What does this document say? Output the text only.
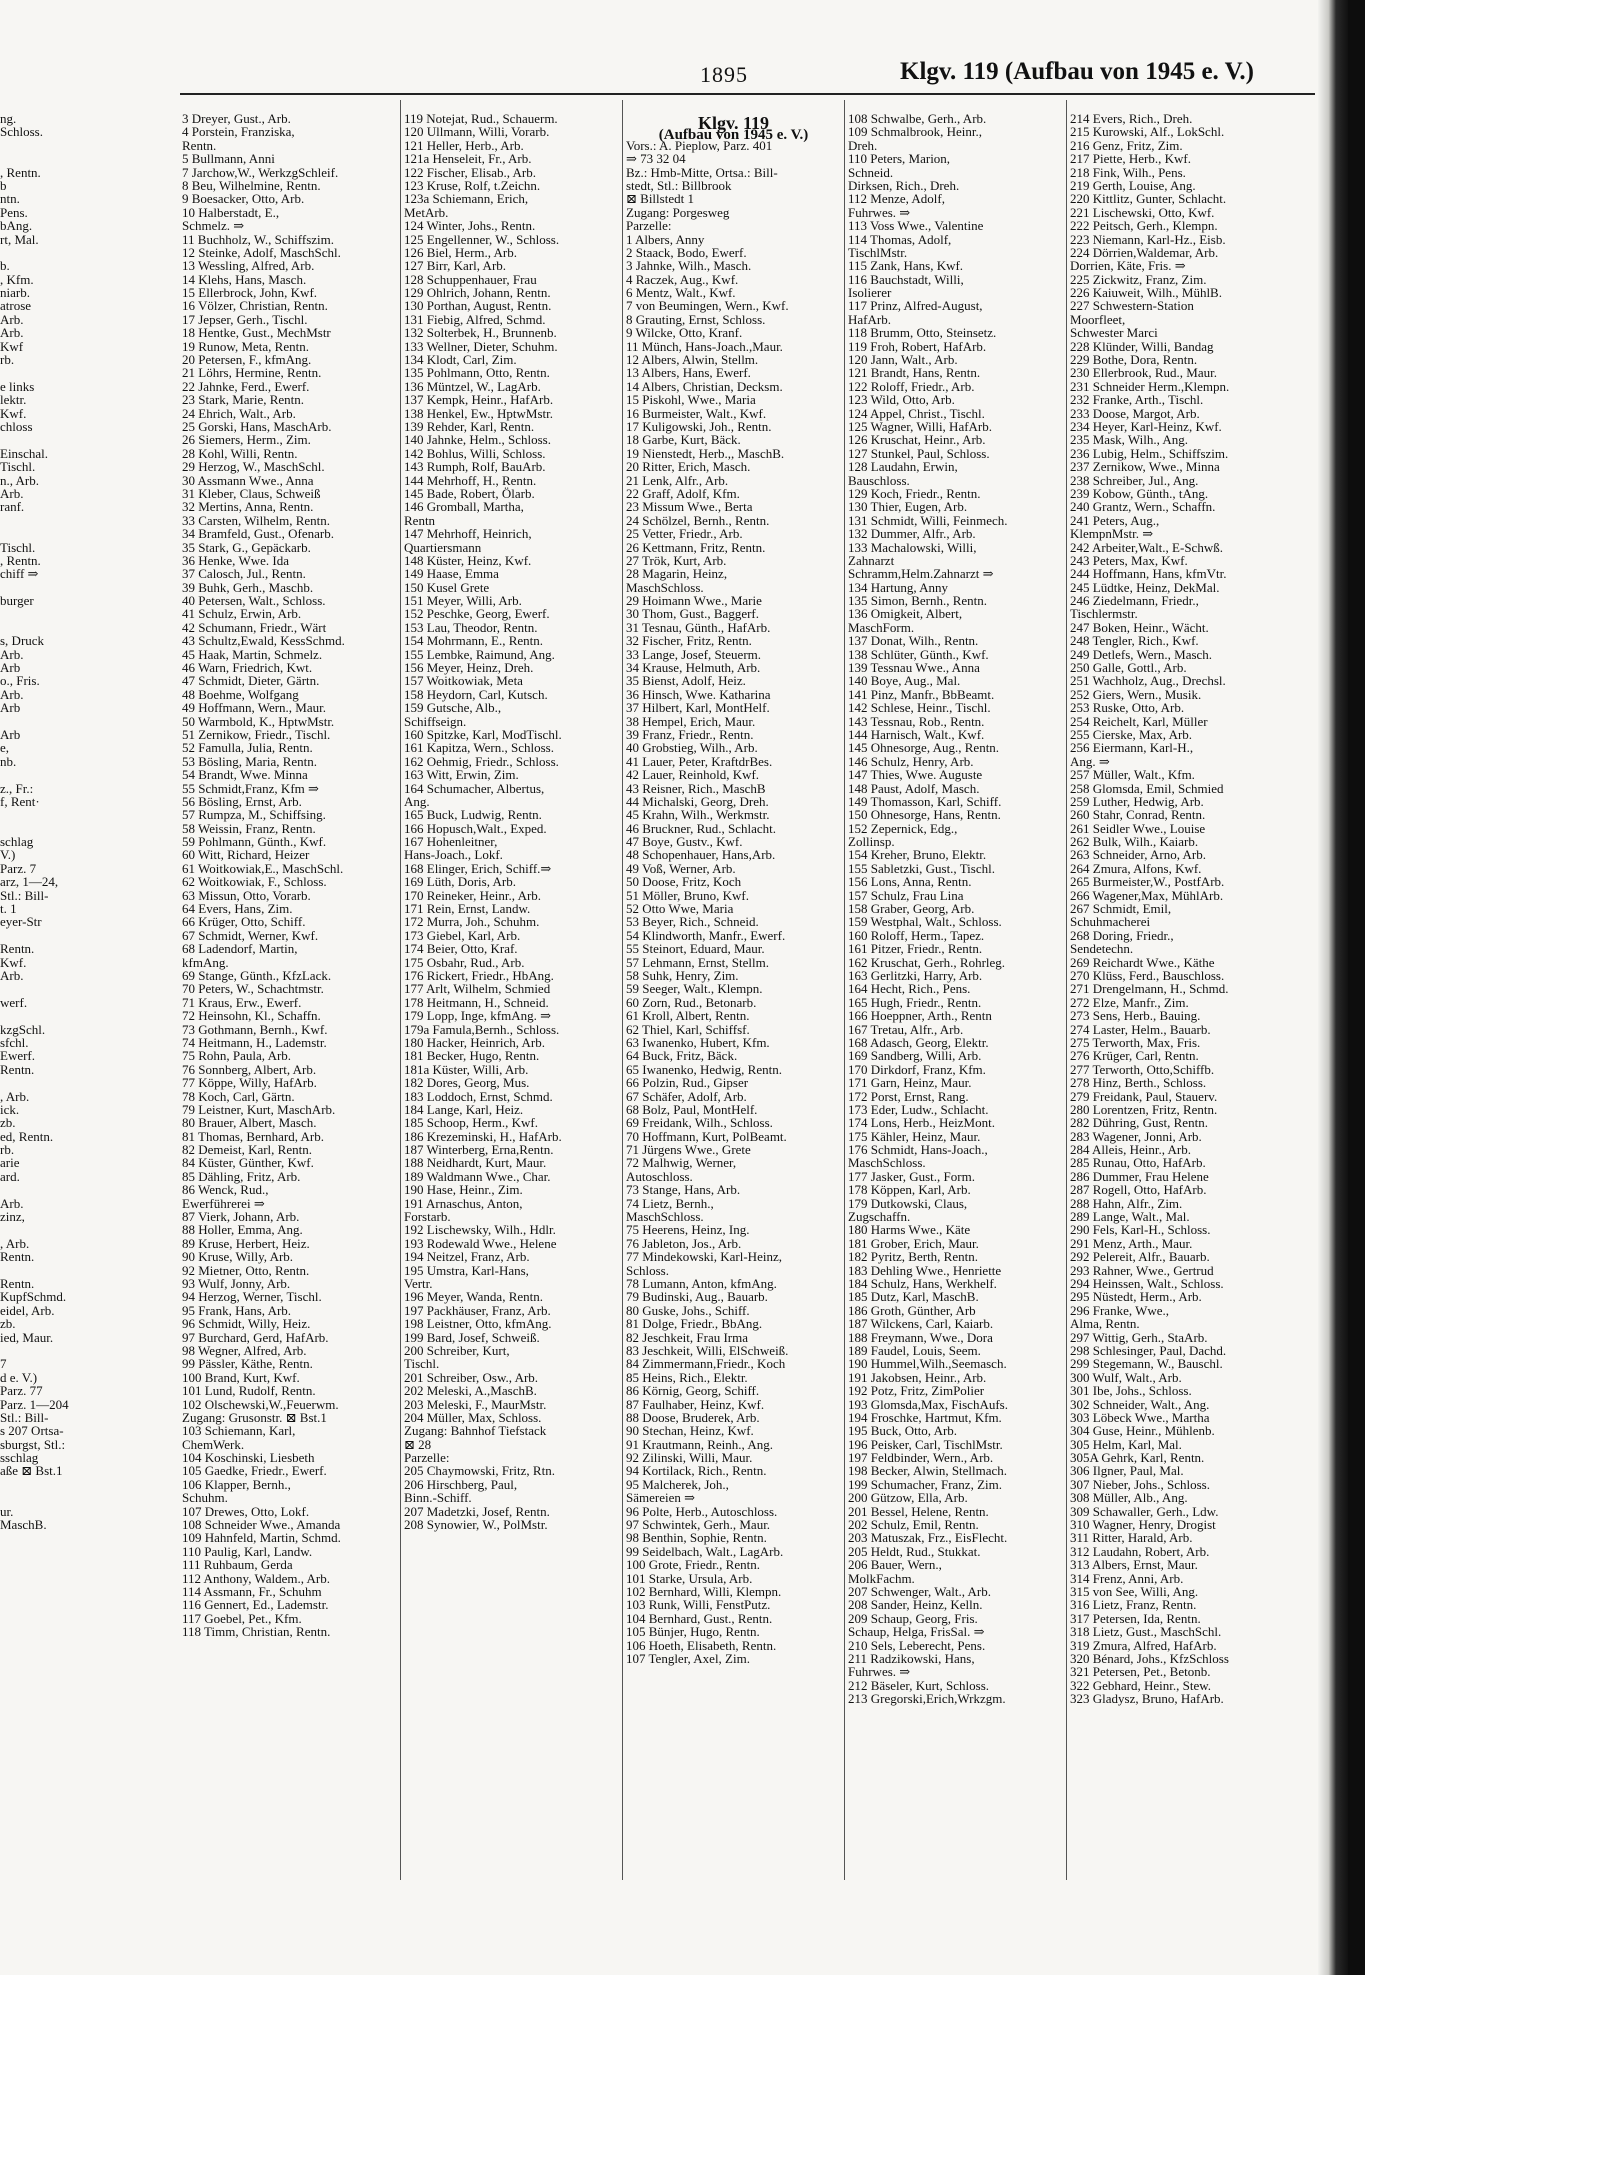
1895	Klgv. 119 (Aufbau von 1945 e. V.)
ng.
Schloss.
, Rentn.
b
ntn.
Pens.
bAng.
rt, Mal.
b.
, Kfm.
niarb.
atrose
Arb.
Arb.
Kwf
rb.
e links
lektr.
Kwf.
chloss
Einschal.
Tischl.
n., Arb.
Arb.
ranf.
Tischl.
, Rentn.
chiff ⇒
burger
s, Druck
Arb.
Arb
o., Fris.
Arb.
Arb
Arb
e,
nb.
z., Fr.:
f, Rent·
schlag
V.)
Parz. 7
arz, 1—24,
Stl.: Bill-
t. 1
eyer-Str
Rentn.
Kwf.
Arb.
werf.
kzgSchl.
sfchl.
Ewerf.
Rentn.
, Arb.
ick.
zb.
ed, Rentn.
rb.
arie
ard.
Arb.
zinz,
, Arb.
Rentn.
Rentn.
KupfSchmd.
eidel, Arb.
zb.
ied, Maur.
7
d e. V.)
Parz. 77
Parz. 1—204
Stl.: Bill-
s 207 Ortsa-
sburgst, Stl.:
sschlag
aße ⊠ Bst.1
ur.
MaschB.
3 Dreyer, Gust., Arb.
4 Porstein, Franziska,
Rentn.
5 Bullmann, Anni
7 Jarchow,W., WerkzgSchleif.
8 Beu, Wilhelmine, Rentn.
9 Boesacker, Otto, Arb.
10 Halberstadt, E.,
Schmelz. ⇒
11 Buchholz, W., Schiffszim.
12 Steinke, Adolf, MaschSchl.
13 Wessling, Alfred, Arb.
14 Klehs, Hans, Masch.
15 Ellerbrock, John, Kwf.
16 Völzer, Christian, Rentn.
17 Jepser, Gerh., Tischl.
18 Hentke, Gust., MechMstr
19 Runow, Meta, Rentn.
20 Petersen, F., kfmAng.
21 Löhrs, Hermine, Rentn.
22 Jahnke, Ferd., Ewerf.
23 Stark, Marie, Rentn.
24 Ehrich, Walt., Arb.
25 Gorski, Hans, MaschArb.
26 Siemers, Herm., Zim.
28 Kohl, Willi, Rentn.
29 Herzog, W., MaschSchl.
30 Assmann Wwe., Anna
31 Kleber, Claus, Schweiß
32 Mertins, Anna, Rentn.
33 Carsten, Wilhelm, Rentn.
34 Bramfeld, Gust., Ofenarb.
35 Stark, G., Gepäckarb.
36 Henke, Wwe. Ida
37 Calosch, Jul., Rentn.
39 Buhk, Gerh., Maschb.
40 Petersen, Walt., Schloss.
41 Schulz, Erwin, Arb.
42 Schumann, Friedr., Wärt
43 Schultz,Ewald, KessSchmd.
45 Haak, Martin, Schmelz.
46 Warn, Friedrich, Kwt.
47 Schmidt, Dieter, Gärtn.
48 Boehme, Wolfgang
49 Hoffmann, Wern., Maur.
50 Warmbold, K., HptwMstr.
51 Zernikow, Friedr., Tischl.
52 Famulla, Julia, Rentn.
53 Bösling, Maria, Rentn.
54 Brandt, Wwe. Minna
55 Schmidt,Franz, Kfm ⇒
56 Bösling, Ernst, Arb.
57 Rumpza, M., Schiffsing.
58 Weissin, Franz, Rentn.
59 Pohlmann, Günth., Kwf.
60 Witt, Richard, Heizer
61 Woitkowiak,E., MaschSchl.
62 Woitkowiak, F., Schloss.
63 Missun, Otto, Vorarb.
64 Evers, Hans, Zim.
66 Krüger, Otto, Schiff.
67 Schmidt, Werner, Kwf.
68 Ladendorf, Martin,
kfmAng.
69 Stange, Günth., KfzLack.
70 Peters, W., Schachtmstr.
71 Kraus, Erw., Ewerf.
72 Heinsohn, Kl., Schaffn.
73 Gothmann, Bernh., Kwf.
74 Heitmann, H., Lademstr.
75 Rohn, Paula, Arb.
76 Sonnberg, Albert, Arb.
77 Köppe, Willy, HafArb.
78 Koch, Carl, Gärtn.
79 Leistner, Kurt, MaschArb.
80 Brauer, Albert, Masch.
81 Thomas, Bernhard, Arb.
82 Demeist, Karl, Rentn.
84 Küster, Günther, Kwf.
85 Dähling, Fritz, Arb.
86 Wenck, Rud.,
Ewerführerei ⇒
87 Vierk, Johann, Arb.
88 Holler, Emma, Ang.
89 Kruse, Herbert, Heiz.
90 Kruse, Willy, Arb.
92 Mietner, Otto, Rentn.
93 Wulf, Jonny, Arb.
94 Herzog, Werner, Tischl.
95 Frank, Hans, Arb.
96 Schmidt, Willy, Heiz.
97 Burchard, Gerd, HafArb.
98 Wegner, Alfred, Arb.
99 Pässler, Käthe, Rentn.
100 Brand, Kurt, Kwf.
101 Lund, Rudolf, Rentn.
102 Olschewski,W.,Feuerwm.
Zugang: Grusonstr. ⊠ Bst.1
103 Schiemann, Karl,
ChemWerk.
104 Koschinski, Liesbeth
105 Gaedke, Friedr., Ewerf.
106 Klapper, Bernh.,
Schuhm.
107 Drewes, Otto, Lokf.
108 Schneider Wwe., Amanda
109 Hahnfeld, Martin, Schmd.
110 Paulig, Karl, Landw.
111 Ruhbaum, Gerda
112 Anthony, Waldem., Arb.
114 Assmann, Fr., Schuhm
116 Gennert, Ed., Lademstr.
117 Goebel, Pet., Kfm.
118 Timm, Christian, Rentn.
119 Notejat, Rud., Schauerm.
120 Ullmann, Willi, Vorarb.
121 Heller, Herb., Arb.
121a Henseleit, Fr., Arb.
122 Fischer, Elisab., Arb.
123 Kruse, Rolf, t.Zeichn.
123a Schiemann, Erich,
MetArb.
124 Winter, Johs., Rentn.
125 Engellenner, W., Schloss.
126 Biel, Herm., Arb.
127 Birr, Karl, Arb.
128 Schuppenhauer, Frau
129 Ohlrich, Johann, Rentn.
130 Porthan, August, Rentn.
131 Fiebig, Alfred, Schmd.
132 Solterbek, H., Brunnenb.
133 Wellner, Dieter, Schuhm.
134 Klodt, Carl, Zim.
135 Pohlmann, Otto, Rentn.
136 Müntzel, W., LagArb.
137 Kempk, Heinr., HafArb.
138 Henkel, Ew., HptwMstr.
139 Rehder, Karl, Rentn.
140 Jahnke, Helm., Schloss.
142 Bohlus, Willi, Schloss.
143 Rumph, Rolf, BauArb.
144 Mehrhoff, H., Rentn.
145 Bade, Robert, Ölarb.
146 Gromball, Martha,
Rentn
147 Mehrhoff, Heinrich,
Quartiersmann
148 Küster, Heinz, Kwf.
149 Haase, Emma
150 Kusel Grete
151 Meyer, Willi, Arb.
152 Peschke, Georg, Ewerf.
153 Lau, Theodor, Rentn.
154 Mohrmann, E., Rentn.
155 Lembke, Raimund, Ang.
156 Meyer, Heinz, Dreh.
157 Woitkowiak, Meta
158 Heydorn, Carl, Kutsch.
159 Gutsche, Alb.,
Schiffseign.
160 Spitzke, Karl, ModTischl.
161 Kapitza, Wern., Schloss.
162 Oehmig, Friedr., Schloss.
163 Witt, Erwin, Zim.
164 Schumacher, Albertus,
Ang.
165 Buck, Ludwig, Rentn.
166 Hopusch,Walt., Exped.
167 Hohenleitner,
Hans-Joach., Lokf.
168 Elinger, Erich, Schiff.⇒
169 Lüth, Doris, Arb.
170 Reineker, Heinr., Arb.
171 Rein, Ernst, Landw.
172 Murra, Joh., Schuhm.
173 Giebel, Karl, Arb.
174 Beier, Otto, Kraf.
175 Osbahr, Rud., Arb.
176 Rickert, Friedr., HbAng.
177 Arlt, Wilhelm, Schmied
178 Heitmann, H., Schneid.
179 Lopp, Inge, kfmAng. ⇒
179a Famula,Bernh., Schloss.
180 Hacker, Heinrich, Arb.
181 Becker, Hugo, Rentn.
181a Küster, Willi, Arb.
182 Dores, Georg, Mus.
183 Loddoch, Ernst, Schmd.
184 Lange, Karl, Heiz.
185 Schoop, Herm., Kwf.
186 Krezeminski, H., HafArb.
187 Winterberg, Erna,Rentn.
188 Neidhardt, Kurt, Maur.
189 Waldmann Wwe., Char.
190 Hase, Heinr., Zim.
191 Arnaschus, Anton,
Forstarb.
192 Lischewsky, Wilh., Hdlr.
193 Rodewald Wwe., Helene
194 Neitzel, Franz, Arb.
195 Umstra, Karl-Hans,
Vertr.
196 Meyer, Wanda, Rentn.
197 Packhäuser, Franz, Arb.
198 Leistner, Otto, kfmAng.
199 Bard, Josef, Schweiß.
200 Schreiber, Kurt,
Tischl.
201 Schreiber, Osw., Arb.
202 Meleski, A.,MaschB.
203 Meleski, F., MaurMstr.
204 Müller, Max, Schloss.
Zugang: Bahnhof Tiefstack
⊠ 28
Parzelle:
205 Chaymowski, Fritz, Rtn.
206 Hirschberg, Paul,
Binn.-Schiff.
207 Madetzki, Josef, Rentn.
208 Synowier, W., PolMstr.
Klgv. 119
(Aufbau von 1945 e. V.)
Vors.: A. Pieplow, Parz. 401
⇒ 73 32 04
Bz.: Hmb-Mitte, Ortsa.: Bill-
stedt, Stl.: Billbrook
⊠ Billstedt 1
Zugang: Porgesweg
Parzelle:
1 Albers, Anny
2 Staack, Bodo, Ewerf.
3 Jahnke, Wilh., Masch.
4 Raczek, Aug., Kwf.
6 Mentz, Walt., Kwf.
7 von Beumingen, Wern., Kwf.
8 Grauting, Ernst, Schloss.
9 Wilcke, Otto, Kranf.
11 Münch, Hans-Joach.,Maur.
12 Albers, Alwin, Stellm.
13 Albers, Hans, Ewerf.
14 Albers, Christian, Decksm.
15 Piskohl, Wwe., Maria
16 Burmeister, Walt., Kwf.
17 Kuligowski, Joh., Rentn.
18 Garbe, Kurt, Bäck.
19 Nienstedt, Herb.,, MaschB.
20 Ritter, Erich, Masch.
21 Lenk, Alfr., Arb.
22 Graff, Adolf, Kfm.
23 Missum Wwe., Berta
24 Schölzel, Bernh., Rentn.
25 Vetter, Friedr., Arb.
26 Kettmann, Fritz, Rentn.
27 Trök, Kurt, Arb.
28 Magarin, Heinz,
MaschSchloss.
29 Hoimann Wwe., Marie
30 Thom, Gust., Baggerf.
31 Tesnau, Günth., HafArb.
32 Fischer, Fritz, Rentn.
33 Lange, Josef, Steuerm.
34 Krause, Helmuth, Arb.
35 Bienst, Adolf, Heiz.
36 Hinsch, Wwe. Katharina
37 Hilbert, Karl, MontHelf.
38 Hempel, Erich, Maur.
39 Franz, Friedr., Rentn.
40 Grobstieg, Wilh., Arb.
41 Lauer, Peter, KraftdrBes.
42 Lauer, Reinhold, Kwf.
43 Reisner, Rich., MaschB
44 Michalski, Georg, Dreh.
45 Krahn, Wilh., Werkmstr.
46 Bruckner, Rud., Schlacht.
47 Boye, Gustv., Kwf.
48 Schopenhauer, Hans,Arb.
49 Voß, Werner, Arb.
50 Doose, Fritz, Koch
51 Möller, Bruno, Kwf.
52 Otto Wwe, Maria
53 Beyer, Rich., Schneid.
54 Klindworth, Manfr., Ewerf.
55 Steinort, Eduard, Maur.
57 Lehmann, Ernst, Stellm.
58 Suhk, Henry, Zim.
59 Seeger, Walt., Klempn.
60 Zorn, Rud., Betonarb.
61 Kroll, Albert, Rentn.
62 Thiel, Karl, Schiffsf.
63 Iwanenko, Hubert, Kfm.
64 Buck, Fritz, Bäck.
65 Iwanenko, Hedwig, Rentn.
66 Polzin, Rud., Gipser
67 Schäfer, Adolf, Arb.
68 Bolz, Paul, MontHelf.
69 Freidank, Wilh., Schloss.
70 Hoffmann, Kurt, PolBeamt.
71 Jürgens Wwe., Grete
72 Malhwig, Werner,
Autoschloss.
73 Stange, Hans, Arb.
74 Lietz, Bernh.,
MaschSchloss.
75 Heerens, Heinz, Ing.
76 Jableton, Jos., Arb.
77 Mindekowski, Karl-Heinz,
Schloss.
78 Lumann, Anton, kfmAng.
79 Budinski, Aug., Bauarb.
80 Guske, Johs., Schiff.
81 Dolge, Friedr., BbAng.
82 Jeschkeit, Frau Irma
83 Jeschkeit, Willi, ElSchweiß.
84 Zimmermann,Friedr., Koch
85 Heins, Rich., Elektr.
86 Körnig, Georg, Schiff.
87 Faulhaber, Heinz, Kwf.
88 Doose, Bruderek, Arb.
90 Stechan, Heinz, Kwf.
91 Krautmann, Reinh., Ang.
92 Zilinski, Willi, Maur.
94 Kortilack, Rich., Rentn.
95 Malcherek, Joh.,
Sämereien ⇒
96 Polte, Herb., Autoschloss.
97 Schwintek, Gerh., Maur.
98 Benthin, Sophie, Rentn.
99 Seidelbach, Walt., LagArb.
100 Grote, Friedr., Rentn.
101 Starke, Ursula, Arb.
102 Bernhard, Willi, Klempn.
103 Runk, Willi, FenstPutz.
104 Bernhard, Gust., Rentn.
105 Bünjer, Hugo, Rentn.
106 Hoeth, Elisabeth, Rentn.
107 Tengler, Axel, Zim.
108 Schwalbe, Gerh., Arb.
109 Schmalbrook, Heinr.,
Dreh.
110 Peters, Marion,
Schneid.
Dirksen, Rich., Dreh.
112 Menze, Adolf,
Fuhrwes. ⇒
113 Voss Wwe., Valentine
114 Thomas, Adolf,
TischlMstr.
115 Zank, Hans, Kwf.
116 Bauchstadt, Willi,
Isolierer
117 Prinz, Alfred-August,
HafArb.
118 Brumm, Otto, Steinsetz.
119 Froh, Robert, HafArb.
120 Jann, Walt., Arb.
121 Brandt, Hans, Rentn.
122 Roloff, Friedr., Arb.
123 Wild, Otto, Arb.
124 Appel, Christ., Tischl.
125 Wagner, Willi, HafArb.
126 Kruschat, Heinr., Arb.
127 Stunkel, Paul, Schloss.
128 Laudahn, Erwin,
Bauschloss.
129 Koch, Friedr., Rentn.
130 Thier, Eugen, Arb.
131 Schmidt, Willi, Feinmech.
132 Dummer, Alfr., Arb.
133 Machalowski, Willi,
Zahnarzt
Schramm,Helm.Zahnarzt ⇒
134 Hartung, Anny
135 Simon, Bernh., Rentn.
136 Omigkeit, Albert,
MaschForm.
137 Donat, Wilh., Rentn.
138 Schlüter, Günth., Kwf.
139 Tessnau Wwe., Anna
140 Boye, Aug., Mal.
141 Pinz, Manfr., BbBeamt.
142 Schlese, Heinr., Tischl.
143 Tessnau, Rob., Rentn.
144 Harnisch, Walt., Kwf.
145 Ohnesorge, Aug., Rentn.
146 Schulz, Henry, Arb.
147 Thies, Wwe. Auguste
148 Paust, Adolf, Masch.
149 Thomasson, Karl, Schiff.
150 Ohnesorge, Hans, Rentn.
152 Zepernick, Edg.,
Zollinsp.
154 Kreher, Bruno, Elektr.
155 Sabletzki, Gust., Tischl.
156 Lons, Anna, Rentn.
157 Schulz, Frau Lina
158 Graber, Georg, Arb.
159 Westphal, Walt., Schloss.
160 Roloff, Herm., Tapez.
161 Pitzer, Friedr., Rentn.
162 Kruschat, Gerh., Rohrleg.
163 Gerlitzki, Harry, Arb.
164 Hecht, Rich., Pens.
165 Hugh, Friedr., Rentn.
166 Hoeppner, Arth., Rentn
167 Tretau, Alfr., Arb.
168 Adasch, Georg, Elektr.
169 Sandberg, Willi, Arb.
170 Dirkdorf, Franz, Kfm.
171 Garn, Heinz, Maur.
172 Porst, Ernst, Rang.
173 Eder, Ludw., Schlacht.
174 Lons, Herb., HeizMont.
175 Kähler, Heinz, Maur.
176 Schmidt, Hans-Joach.,
MaschSchloss.
177 Jasker, Gust., Form.
178 Köppen, Karl, Arb.
179 Dutkowski, Claus,
Zugschaffn.
180 Harms Wwe., Käte
181 Grober, Erich, Maur.
182 Pyritz, Berth, Rentn.
183 Dehling Wwe., Henriette
184 Schulz, Hans, Werkhelf.
185 Dutz, Karl, MaschB.
186 Groth, Günther, Arb
187 Wilckens, Carl, Kaiarb.
188 Freymann, Wwe., Dora
189 Faudel, Louis, Seem.
190 Hummel,Wilh.,Seemasch.
191 Jakobsen, Heinr., Arb.
192 Potz, Fritz, ZimPolier
193 Glomsda,Max, FischAufs.
194 Froschke, Hartmut, Kfm.
195 Buck, Otto, Arb.
196 Peisker, Carl, TischlMstr.
197 Feldbinder, Wern., Arb.
198 Becker, Alwin, Stellmach.
199 Schumacher, Franz, Zim.
200 Gützow, Ella, Arb.
201 Bessel, Helene, Rentn.
202 Schulz, Emil, Rentn.
203 Matuszak, Frz., EisFlecht.
205 Heldt, Rud., Stukkat.
206 Bauer, Wern.,
MolkFachm.
207 Schwenger, Walt., Arb.
208 Sander, Heinz, Kelln.
209 Schaup, Georg, Fris.
Schaup, Helga, FrisSal. ⇒
210 Sels, Leberecht, Pens.
211 Radzikowski, Hans,
Fuhrwes. ⇒
212 Bäseler, Kurt, Schloss.
213 Gregorski,Erich,Wrkzgm.
214 Evers, Rich., Dreh.
215 Kurowski, Alf., LokSchl.
216 Genz, Fritz, Zim.
217 Piette, Herb., Kwf.
218 Fink, Wilh., Pens.
219 Gerth, Louise, Ang.
220 Kittlitz, Gunter, Schlacht.
221 Lischewski, Otto, Kwf.
222 Peitsch, Gerh., Klempn.
223 Niemann, Karl-Hz., Eisb.
224 Dörrien,Waldemar, Arb.
Dorrien, Käte, Fris. ⇒
225 Zickwitz, Franz, Zim.
226 Kaiuweit, Wilh., MühlB.
227 Schwestern-Station
Moorfleet,
Schwester Marci
228 Klünder, Willi, Bandag
229 Bothe, Dora, Rentn.
230 Ellerbrook, Rud., Maur.
231 Schneider Herm.,Klempn.
232 Franke, Arth., Tischl.
233 Doose, Margot, Arb.
234 Heyer, Karl-Heinz, Kwf.
235 Mask, Wilh., Ang.
236 Lubig, Helm., Schiffszim.
237 Zernikow, Wwe., Minna
238 Schreiber, Jul., Ang.
239 Kobow, Günth., tAng.
240 Grantz, Wern., Schaffn.
241 Peters, Aug.,
KlempnMstr. ⇒
242 Arbeiter,Walt., E-Schwß.
243 Peters, Max, Kwf.
244 Hoffmann, Hans, kfmVtr.
245 Lüdtke, Heinz, DekMal.
246 Ziedelmann, Friedr.,
Tischlermstr.
247 Boken, Heinr., Wächt.
248 Tengler, Rich., Kwf.
249 Detlefs, Wern., Masch.
250 Galle, Gottl., Arb.
251 Wachholz, Aug., Drechsl.
252 Giers, Wern., Musik.
253 Ruske, Otto, Arb.
254 Reichelt, Karl, Müller
255 Cierske, Max, Arb.
256 Eiermann, Karl-H.,
Ang. ⇒
257 Müller, Walt., Kfm.
258 Glomsda, Emil, Schmied
259 Luther, Hedwig, Arb.
260 Stahr, Conrad, Rentn.
261 Seidler Wwe., Louise
262 Bulk, Wilh., Kaiarb.
263 Schneider, Arno, Arb.
264 Zmura, Alfons, Kwf.
265 Burmeister,W., PostfArb.
266 Wagener,Max, MühlArb.
267 Schmidt, Emil,
Schuhmacherei
268 Doring, Friedr.,
Sendetechn.
269 Reichardt Wwe., Käthe
270 Klüss, Ferd., Bauschloss.
271 Drengelmann, H., Schmd.
272 Elze, Manfr., Zim.
273 Sens, Herb., Bauing.
274 Laster, Helm., Bauarb.
275 Terworth, Max, Fris.
276 Krüger, Carl, Rentn.
277 Terworth, Otto,Schiffb.
278 Hinz, Berth., Schloss.
279 Freidank, Paul, Stauerv.
280 Lorentzen, Fritz, Rentn.
282 Dühring, Gust, Rentn.
283 Wagener, Jonni, Arb.
284 Alleis, Heinr., Arb.
285 Runau, Otto, HafArb.
286 Dummer, Frau Helene
287 Rogell, Otto, HafArb.
288 Hahn, Alfr., Zim.
289 Lange, Walt., Mal.
290 Fels, Karl-H., Schloss.
291 Menz, Arth., Maur.
292 Pelereit, Alfr., Bauarb.
293 Rahner, Wwe., Gertrud
294 Heinssen, Walt., Schloss.
295 Nüstedt, Herm., Arb.
296 Franke, Wwe.,
Alma, Rentn.
297 Wittig, Gerh., StaArb.
298 Schlesinger, Paul, Dachd.
299 Stegemann, W., Bauschl.
300 Wulf, Walt., Arb.
301 Ibe, Johs., Schloss.
302 Schneider, Walt., Ang.
303 Löbeck Wwe., Martha
304 Guse, Heinr., Mühlenb.
305 Helm, Karl, Mal.
305A Gehrk, Karl, Rentn.
306 Ilgner, Paul, Mal.
307 Nieber, Johs., Schloss.
308 Müller, Alb., Ang.
309 Schawaller, Gerh., Ldw.
310 Wagner, Henry, Drogist
311 Ritter, Harald, Arb.
312 Laudahn, Robert, Arb.
313 Albers, Ernst, Maur.
314 Frenz, Anni, Arb.
315 von See, Willi, Ang.
316 Lietz, Franz, Rentn.
317 Petersen, Ida, Rentn.
318 Lietz, Gust., MaschSchl.
319 Zmura, Alfred, HafArb.
320 Bénard, Johs., KfzSchloss
321 Petersen, Pet., Betonb.
322 Gebhard, Heinr., Stew.
323 Gladysz, Bruno, HafArb.
